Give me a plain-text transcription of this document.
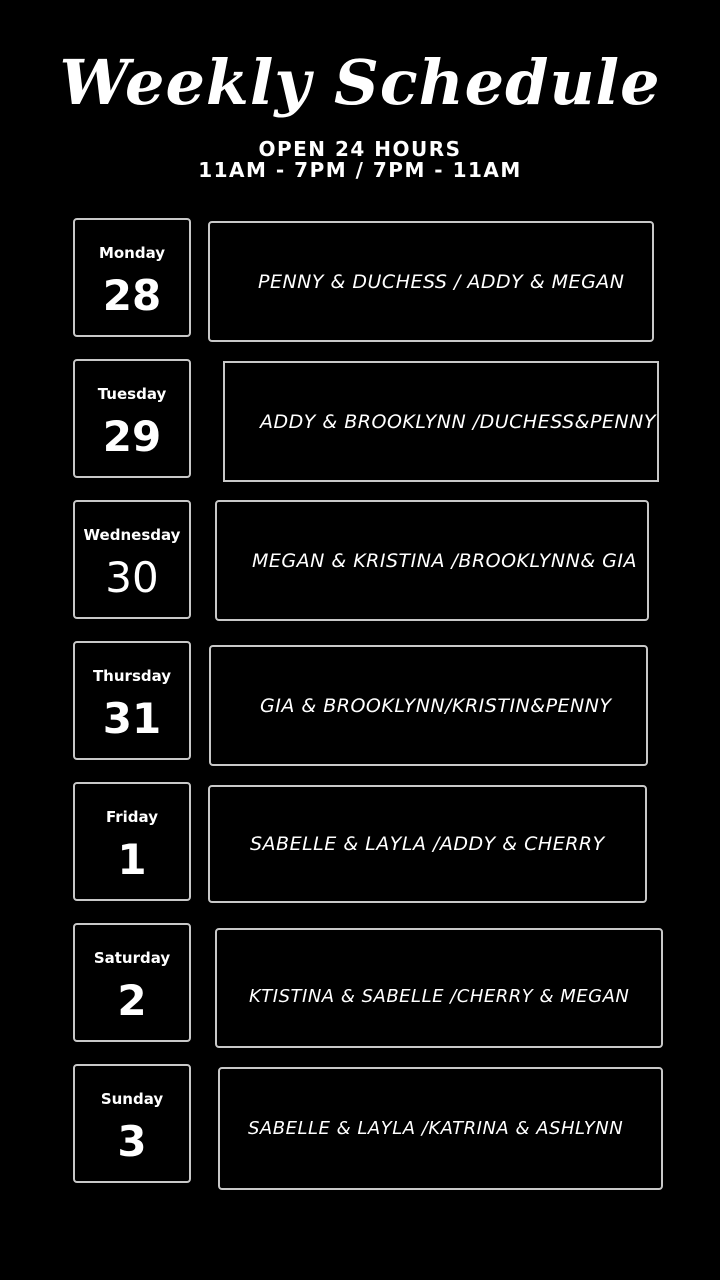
Weekly Schedule
OPEN 24 HOURS
11AM - 7PM / 7PM - 11AM
Monday
28	PENNY & DUCHESS / ADDY & MEGAN
Tuesday
29	ADDY & BROOKLYNN /DUCHESS&PENNY
Wednesday
30	MEGAN & KRISTINA /BROOKLYNN& GIA
Thursday
31	GIA & BROOKLYNN/KRISTIN&PENNY
Friday
1	SABELLE & LAYLA /ADDY & CHERRY
Saturday
2	KTISTINA & SABELLE /CHERRY & MEGAN
Sunday
3	SABELLE & LAYLA /KATRINA & ASHLYNN
